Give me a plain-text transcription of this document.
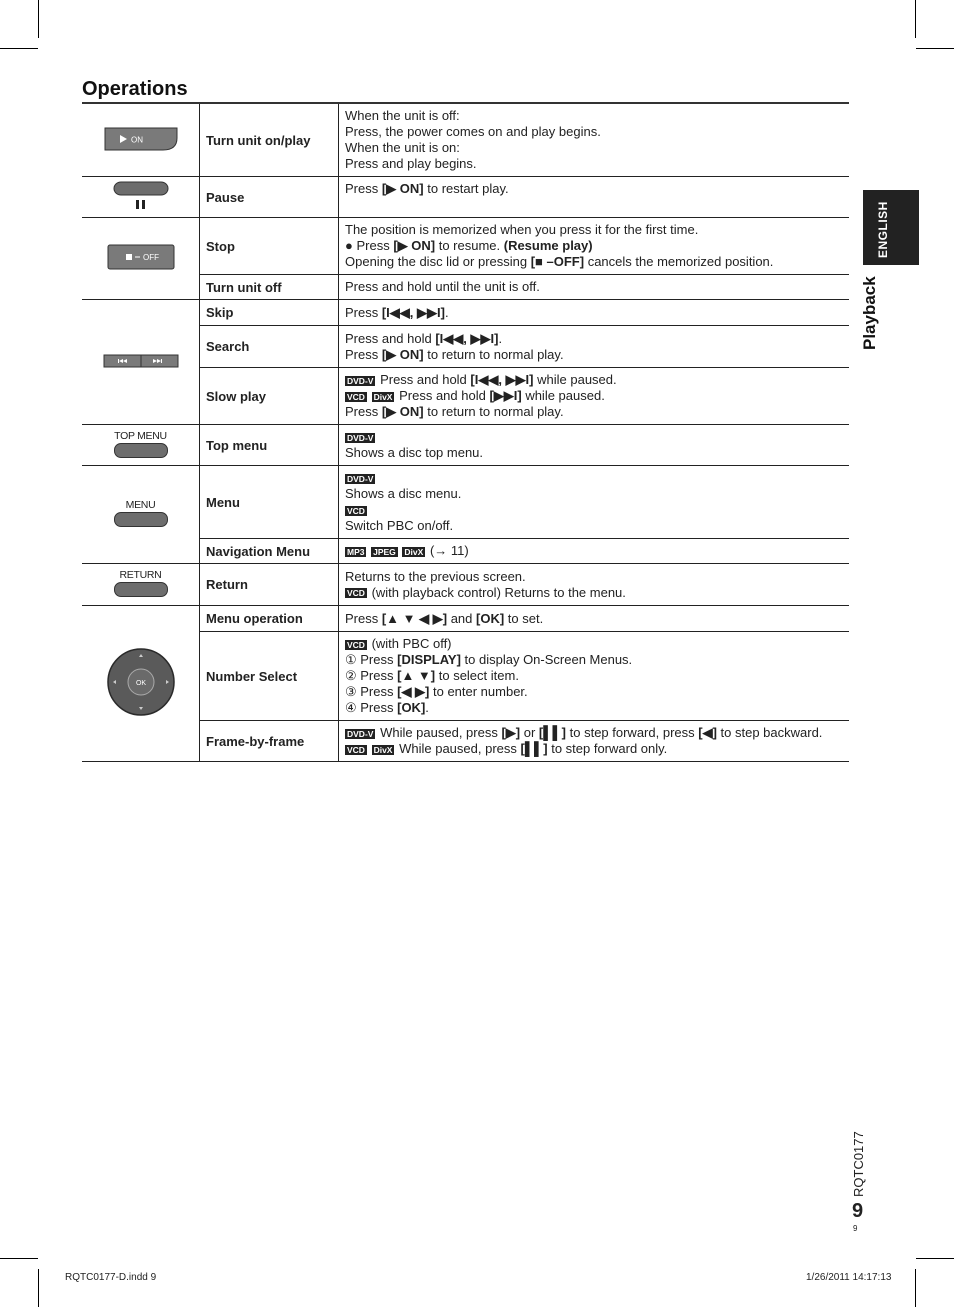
Operations
ON	Turn unit on/play	When the unit is off:
Press, the power comes on and play begins.
When the unit is on:
Press and play begins.

	Pause	Press [▶ ON] to restart play.

OFF	Stop	The position is memorized when you press it for the first time.
● Press [▶ ON] to resume. (Resume play)
Opening the disc lid or pressing [■ –OFF] cancels the memorized position.

	Turn unit off	Press and hold until the unit is off.
	Skip	Press [I◀◀, ▶▶I].
	Search	Press and hold [I◀◀, ▶▶I].
Press [▶ ON] to return to normal play.

	Slow play	DVD-V Press and hold [I◀◀, ▶▶I] while paused.
VCD DivX Press and hold [▶▶I] while paused.
Press [▶ ON] to return to normal play.

TOP MENU	Top menu	DVD-V
Shows a disc top menu.

MENU	Menu	DVD-V
Shows a disc menu.
VCD
Switch PBC on/off.

	Navigation Menu	MP3 JPEG DivX (→ 11)

RETURN	Return	Returns to the previous screen.
VCD (with playback control) Returns to the menu.

OK	Menu operation	Press [▲ ▼ ◀ ▶] and [OK] to set.
	Number Select	VCD (with PBC off)
① Press [DISPLAY] to display On-Screen Menus.
② Press [▲ ▼] to select item.
③ Press [◀ ▶] to enter number.
④ Press [OK].

	Frame-by-frame	DVD-V While paused, press [▶] or [▌▌] to step forward, press [◀] to step backward.
VCD DivX While paused, press [▌▌] to step forward only.
ENGLISH
Playback
RQTC0177
9
9
RQTC0177-D.indd 9	1/26/2011 14:17:13
